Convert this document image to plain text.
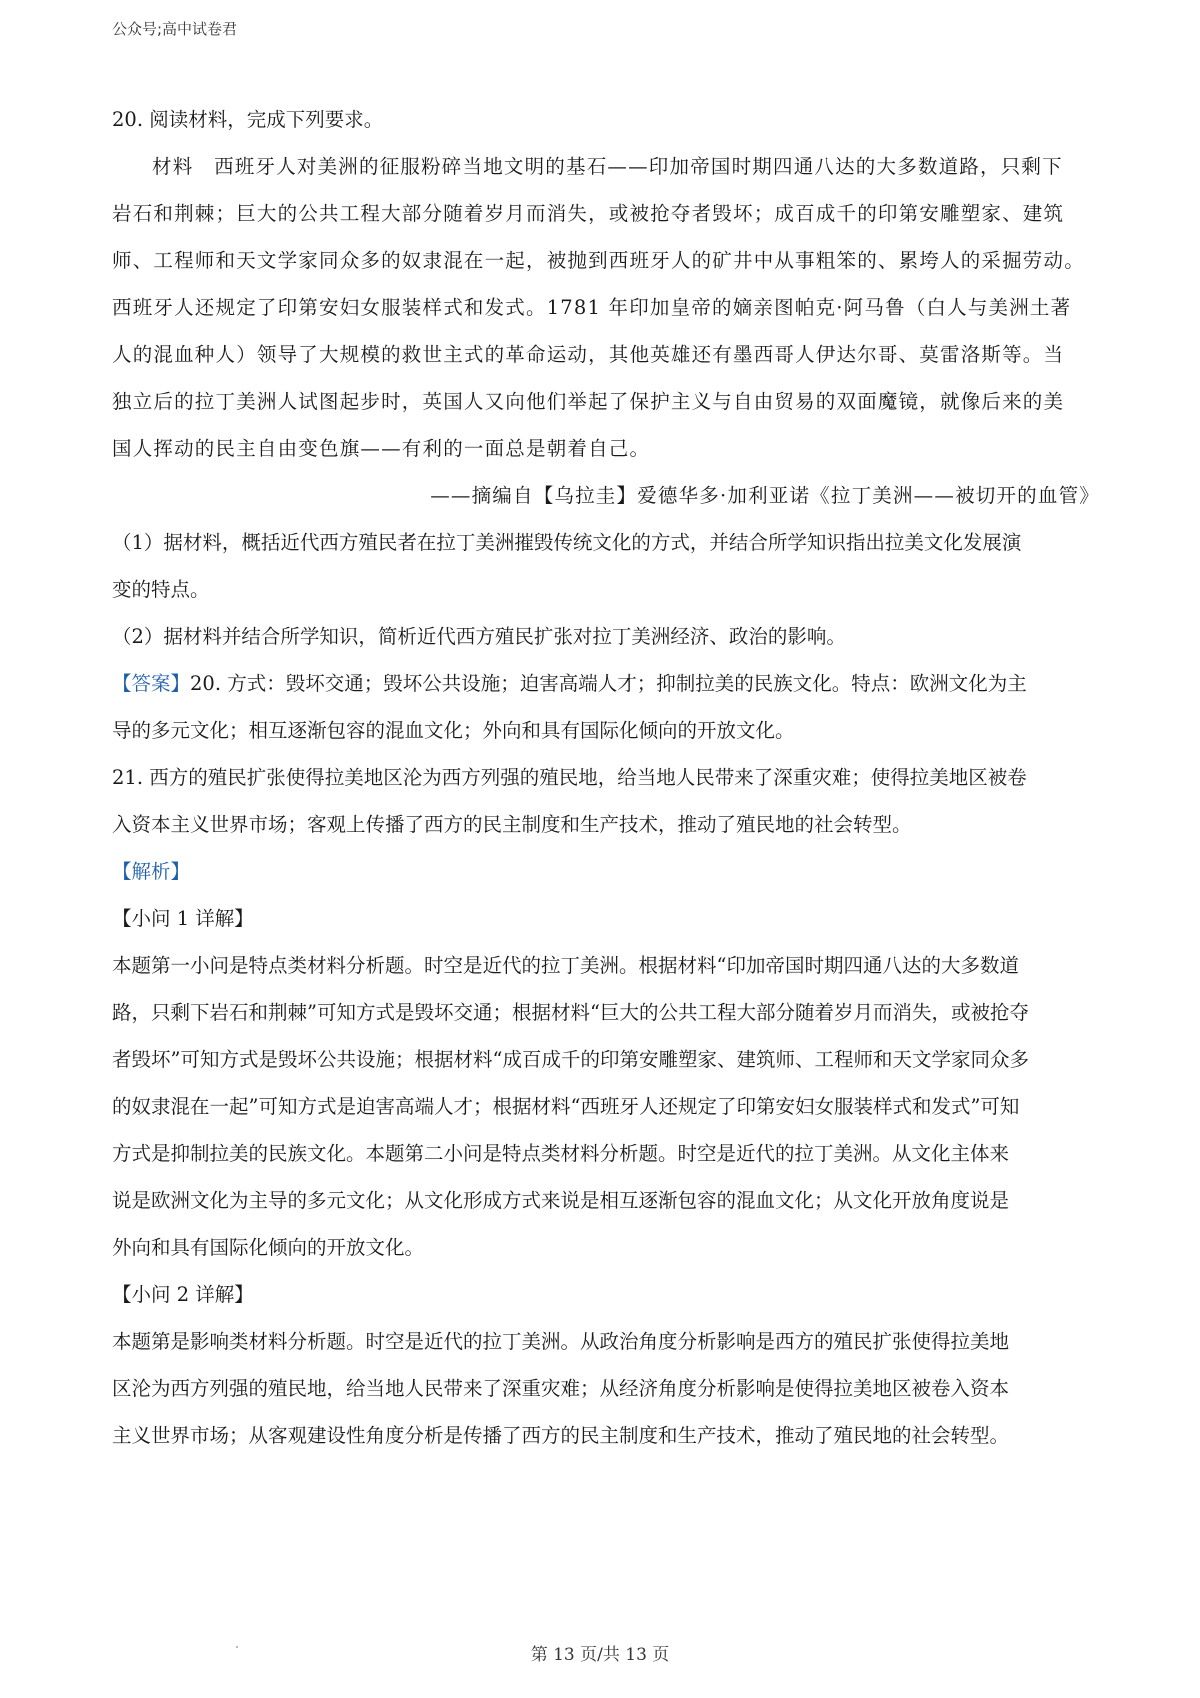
公众号;高中试卷君
20. 阅读材料，完成下列要求。
材料　西班牙人对美洲的征服粉碎当地文明的基石——印加帝国时期四通八达的大多数道路，只剩下
岩石和荆棘；巨大的公共工程大部分随着岁月而消失，或被抢夺者毁坏；成百成千的印第安雕塑家、建筑
师、工程师和天文学家同众多的奴隶混在一起，被抛到西班牙人的矿井中从事粗笨的、累垮人的采掘劳动。
西班牙人还规定了印第安妇女服装样式和发式。1781 年印加皇帝的嫡亲图帕克·阿马鲁（白人与美洲土著
人的混血种人）领导了大规模的救世主式的革命运动，其他英雄还有墨西哥人伊达尔哥、莫雷洛斯等。当
独立后的拉丁美洲人试图起步时，英国人又向他们举起了保护主义与自由贸易的双面魔镜，就像后来的美
国人挥动的民主自由变色旗——有利的一面总是朝着自己。
——摘编自【乌拉圭】爱德华多·加利亚诺《拉丁美洲——被切开的血管》
（1）据材料，概括近代西方殖民者在拉丁美洲摧毁传统文化的方式，并结合所学知识指出拉美文化发展演
变的特点。
（2）据材料并结合所学知识，简析近代西方殖民扩张对拉丁美洲经济、政治的影响。
【答案】20. 方式：毁坏交通；毁坏公共设施；迫害高端人才；抑制拉美的民族文化。特点：欧洲文化为主
导的多元文化；相互逐渐包容的混血文化；外向和具有国际化倾向的开放文化。
21. 西方的殖民扩张使得拉美地区沦为西方列强的殖民地，给当地人民带来了深重灾难；使得拉美地区被卷
入资本主义世界市场；客观上传播了西方的民主制度和生产技术，推动了殖民地的社会转型。
【解析】
【小问 1 详解】
本题第一小问是特点类材料分析题。时空是近代的拉丁美洲。根据材料“印加帝国时期四通八达的大多数道
路，只剩下岩石和荆棘”可知方式是毁坏交通；根据材料“巨大的公共工程大部分随着岁月而消失，或被抢夺
者毁坏”可知方式是毁坏公共设施；根据材料“成百成千的印第安雕塑家、建筑师、工程师和天文学家同众多
的奴隶混在一起”可知方式是迫害高端人才；根据材料“西班牙人还规定了印第安妇女服装样式和发式”可知
方式是抑制拉美的民族文化。本题第二小问是特点类材料分析题。时空是近代的拉丁美洲。从文化主体来
说是欧洲文化为主导的多元文化；从文化形成方式来说是相互逐渐包容的混血文化；从文化开放角度说是
外向和具有国际化倾向的开放文化。
【小问 2 详解】
本题第是影响类材料分析题。时空是近代的拉丁美洲。从政治角度分析影响是西方的殖民扩张使得拉美地
区沦为西方列强的殖民地，给当地人民带来了深重灾难；从经济角度分析影响是使得拉美地区被卷入资本
主义世界市场；从客观建设性角度分析是传播了西方的民主制度和生产技术，推动了殖民地的社会转型。
第 13 页/共 13 页
